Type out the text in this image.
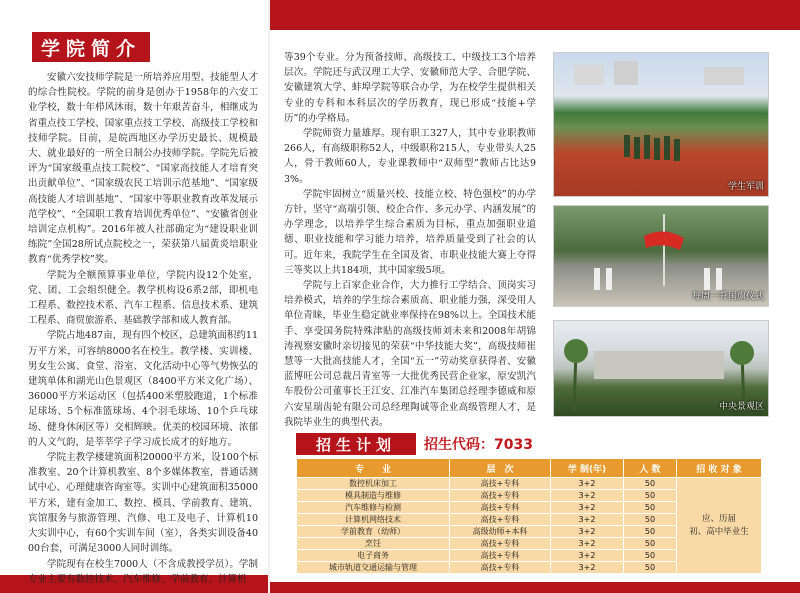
学院简介

安徽六安技师学院是一所培养应用型、技能型人才的综合性院校。学院的前身是创办于1958年的六安工业学校，数十年栉风沐雨，数十年艰苦奋斗，相继成为省重点技工学校、国家重点技工学校、高级技工学校和技师学院。目前，是皖西地区办学历史最长、规模最大、就业最好的一所全日制公办技师学院。学院先后被评为“国家级重点技工院校”、“国家高技能人才培育突出贡献单位”、“国家级农民工培训示范基地”、“国家级高技能人才培训基地”、“国家中等职业教育改革发展示范学校”、“全国职工教育培训优秀单位”、“安徽省创业培训定点机构”。2016年被人社部确定为“建设职业训练院”全国28所试点院校之一，荣获第八届黄炎培职业教育“优秀学校”奖。

学院为全额预算事业单位，学院内设12个处室，党、团、工会组织健全。教学机构设6系2部，即机电工程系、数控技术系、汽车工程系、信息技术系、建筑工程系、商贸旅游系、基础教学部和成人教育部。

学院占地487亩，现有四个校区，总建筑面积约11万平方米，可容纳8000名在校生。教学楼、实训楼、男女生公寓、食堂、浴室、文化活动中心等气势恢弘的建筑单体和湖光山色景观区（8400平方米文化广场）、36000平方米运动区（包括400米塑胶跑道，1个标准足球场、5个标准篮球场、4个羽毛球场、10个乒乓球场、健身休闲区等）交相辉映。优美的校园环境、浓郁的人文气韵，是莘莘学子学习成长成才的好地方。

学院主教学楼建筑面积20000平方米，设100个标准教室、20个计算机教室、8个多媒体教室，普通话测试中心、心理健康咨询室等。实训中心建筑面积35000平方米，建有金加工、数控、模具、学前教育、建筑、宾馆服务与旅游管理、汽修、电工及电子、计算机10大实训中心，有60个实训车间（室），各类实训设备4000台套，可满足3000人同时训练。

学院现有在校生7000人（不含成教授学员）。学制专业主要有数控技术、汽车维修、学前教育、计算机

等39个专业。分为预备技师、高级技工、中级技工3个培养层次。学院还与武汉理工大学、安徽师范大学、合肥学院、安徽建筑大学、蚌埠学院等联合办学，为在校学生提供相关专业的专科和本科层次的学历教育，现已形成“技能+学历”的办学格局。

学院师资力量雄厚。现有职工327人，其中专业职教师266人，有高级职称52人，中级职称215人，专业带头人25人，骨干教师60人，专业课教师中“双师型”教师占比达93%。

学院牢固树立“质量兴校、技能立校、特色强校”的办学方针，坚守“高端引领、校企合作、多元办学、内涵发展”的办学理念，以培养学生综合素质为目标，重点加强职业道德、职业技能和学习能力培养，培养质量受到了社会的认可。近年来，我院学生在全国及省、市职业技能大赛上夺得三等奖以上共184项，其中国家级5项。

学院与上百家企业合作，大力推行工学结合、顶岗实习培养模式，培养的学生综合素质高、职业能力强，深受用人单位青睐，毕业生稳定就业率保持在98%以上。全国技术能手、享受国务院特殊津贴的高级技师刘未来和2008年胡锦涛视察安徽时亲切接见的荣获“中华技能大奖”，高级技师崔慧等一大批高技能人才，全国“五一”劳动奖章获得者、安徽蓝博旺公司总裁吕青室等一大批优秀民营企业家，原安凯汽车股份公司董事长王江安、江准汽车集团总经理李德威和原六安星瑞齿轮有限公司总经理陶诚等企业高级管理人才，是我院毕业生的典型代表。

学生军训
每周一升国旗仪式
中央景观区
招生计划	招生代码：7033
专　　业	层　次	学 制(年)	人 数	招 收 对 象
数控机床加工	高技+专科	3+2	50	应、历届
初、高中毕业生

模具制造与维修	高技+专科	3+2	50	
汽车维修与检测	高技+专科	3+2	50	
计算机网络技术	高技+专科	3+2	50	
学前教育（幼师）	高级幼师+本科	3+2	50	
烹饪	高技+专科	3+2	50	
电子商务	高技+专科	3+2	50	
城市轨道交通运输与管理	高技+专科	3+2	50	
